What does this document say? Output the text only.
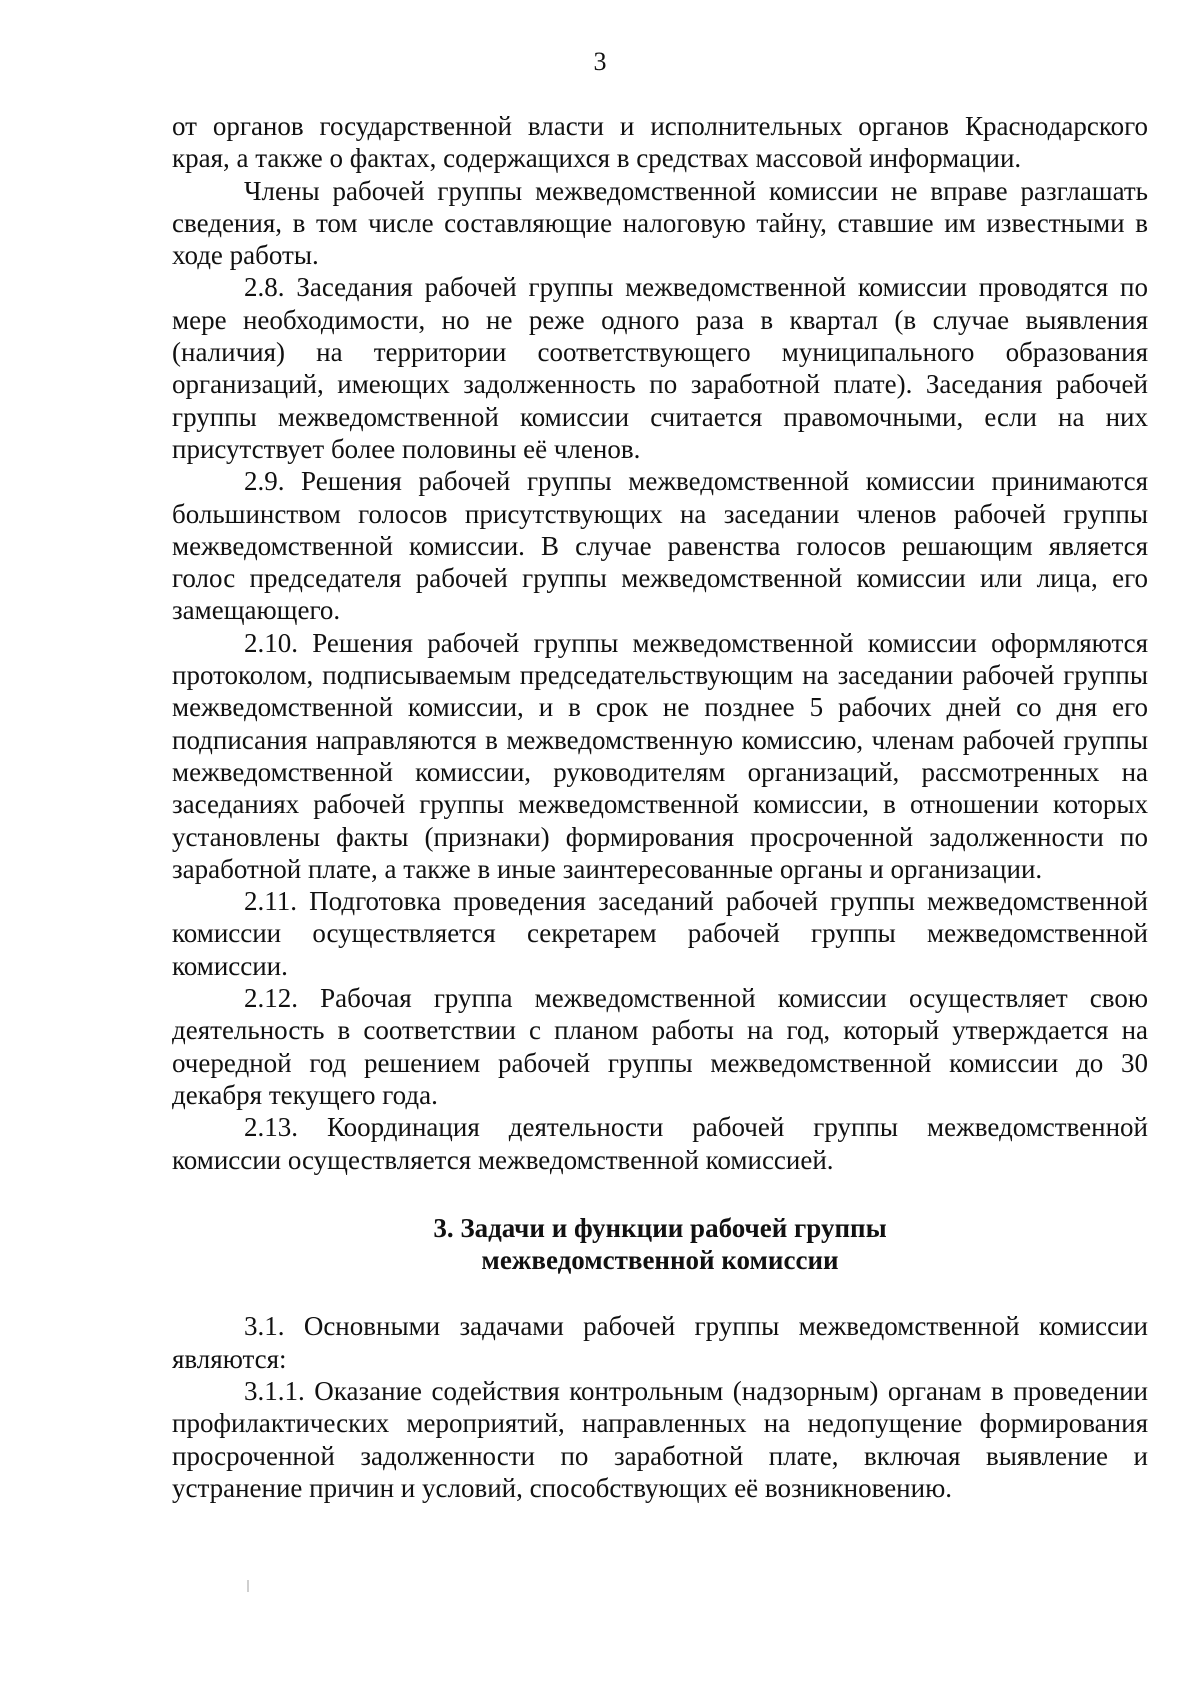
3

от органов государственной власти и исполнительных органов Краснодарского края, а также о фактах, содержащихся в средствах массовой информации.

Члены рабочей группы межведомственной комиссии не вправе разглашать сведения, в том числе составляющие налоговую тайну, ставшие им известными в ходе работы.

2.8. Заседания рабочей группы межведомственной комиссии проводятся по мере необходимости, но не реже одного раза в квартал (в случае выявления (наличия) на территории соответствующего муниципального образования организаций, имеющих задолженность по заработной плате). Заседания рабочей группы межведомственной комиссии считается правомочными, если на них присутствует более половины её членов.

2.9. Решения рабочей группы межведомственной комиссии принимаются большинством голосов присутствующих на заседании членов рабочей группы межведомственной комиссии. В случае равенства голосов решающим является голос председателя рабочей группы межведомственной комиссии или лица, его замещающего.

2.10. Решения рабочей группы межведомственной комиссии оформляются протоколом, подписываемым председательствующим на заседании рабочей группы межведомственной комиссии, и в срок не позднее 5 рабочих дней со дня его подписания направляются в межведомственную комиссию, членам рабочей группы межведомственной комиссии, руководителям организаций, рассмотренных на заседаниях рабочей группы межведомственной комиссии, в отношении которых установлены факты (признаки) формирования просроченной задолженности по заработной плате, а также в иные заинтересованные органы и организации.

2.11. Подготовка проведения заседаний рабочей группы межведомственной комиссии осуществляется секретарем рабочей группы межведомственной комиссии.

2.12. Рабочая группа межведомственной комиссии осуществляет свою деятельность в соответствии с планом работы на год, который утверждается на очередной год решением рабочей группы межведомственной комиссии до 30 декабря текущего года.

2.13. Координация деятельности рабочей группы межведомственной комиссии осуществляется межведомственной комиссией.

3. Задачи и функции рабочей группы
межведомственной комиссии

3.1. Основными задачами рабочей группы межведомственной комиссии являются:

3.1.1. Оказание содействия контрольным (надзорным) органам в проведении профилактических мероприятий, направленных на недопущение формирования просроченной задолженности по заработной плате, включая выявление и устранение причин и условий, способствующих её возникновению.
